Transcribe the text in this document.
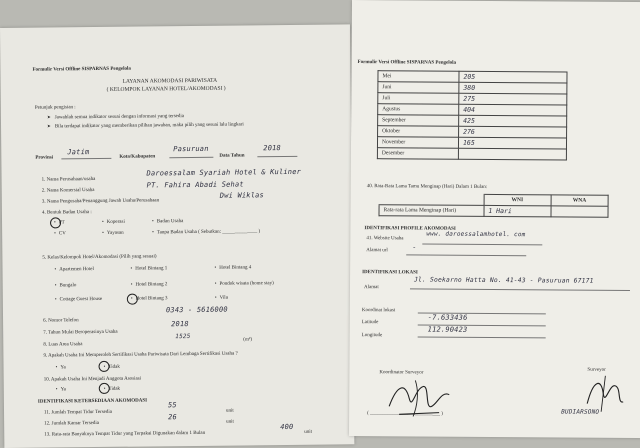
Formulir Versi Offline SISPARNAS Pengelola
LAYANAN AKOMODASI PARIWISATA
( KELOMPOK LAYANAN HOTEL/AKOMODASI )
Petunjuk pengisian :
➤ Jawablah semua indikator sesuai dengan informasi yang tersedia
➤ Bila terdapat indikator yang memberikan pilihan jawaban, maka pilih yang sesuai lalu lingkari
Provinsi
Jatim
Kota/Kabupaten
Pasuruan
Data Tahun
2018
1. Nama Perusahaan/usaha
Daroessalam Syariah Hotel & Kuliner
2. Nama Komersial Usaha
PT. Fahira Abadi Sehat
3. Nama Pengusaha/Penanggung Jawab Usaha/Perusahaan
Dwi Wiklas
4. Bentuk Badan Usaha :
• PT	• Koperasi	• Badan Usaha
• CV	• Yayasan	• Tanpa Badan Usaha ( Sebutkan: ______________ )
5. Kelas/Kelompok Hotel/Akomodasi (Pilih yang sesuai)
• Apartemen Hotel	• Hotel Bintang 1	• Hotel Bintang 4
• Bungalo	• Hotel Bintang 2	• Pondok wisata (home stay)
• Cottage Guest House	• Hotel Bintang 3	• Vila
6. Nomor Telefon
0343 - 5616000
7. Tahun Mulai Beroperasinya Usaha
2018
8. Luas Area Usaha
1525	(m²)
9. Apakah Usaha Ini Memperoleh Sertifikasi Usaha Pariwisata Dari Lembaga Sertifikasi Usaha ?
• Ya	• Tidak
10. Apakah Usaha Ini Menjadi Anggota Asosiasi
• Ya	• Tidak
IDENTIFIKASI KETERSEDIAAN AKOMODASI
11. Jumlah Tempat Tidur Tersedia
55
unit
12. Jumlah Kamar Tersedia
26
unit
13. Rata-rata Banyaknya Tempat Tidur yang Terpakai Digunakan dalam 1 Bulan
400
unit
Formulir Versi Offline SISPARNAS Pengelola
Mei	205
Juni	380
Juli	275
Agustus	404
September	425
Oktober	276
November	165
Desember	
40. Rata-Rata Lama Tamu Menginap (Hari) Dalam 1 Bulan:
	WNI	WNA
Rata-rata Lama Menginap (Hari)	1 Hari	
IDENTIFIKASI PROFILE AKOMODASI
41. Website Usaha
www. daroessalamhotel. com
Alamat url	-
IDENTIFIKASI LOKASI
Alamat
Jl. Soekarno Hatta No. 41-43 - Pasuruan 67171
Koordinat lokasi
Latitude
-7.633436
Longitude
112.90423
Koordinator Surveyor
( ____________________________ )
Surveyor
BUDIARSONO
